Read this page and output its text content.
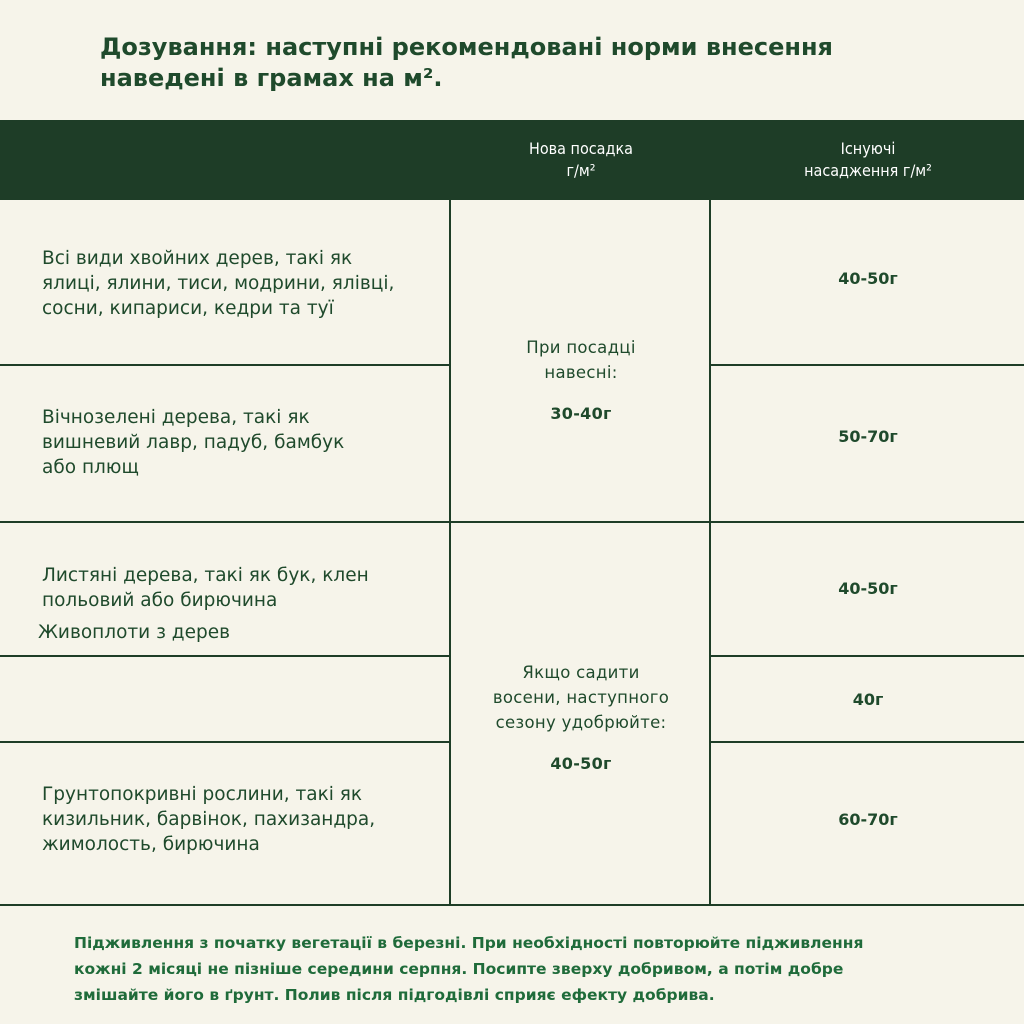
Дозування: наступні рекомендовані норми внесення
наведені в грамах на м².
Нова посадка
г/м²
Існуючі
насадження г/м²
Всі види хвойних дерев, такі як
ялиці, ялини, тиси, модрини, ялівці,
сосни, кипариси, кедри та туї
40-50г
Вічнозелені дерева, такі як
вишневий лавр, падуб, бамбук
або плющ
50-70г
При посадці
навесні:
30-40г
Листяні дерева, такі як бук, клен
польовий або бирючина
Живоплоти з дерев
40-50г
40г
Грунтопокривні рослини, такі як
кизильник, барвінок, пахизандра,
жимолость, бирючина
60-70г
Якщо садити
восени, наступного
сезону удобрюйте:
40-50г
Підживлення з початку вегетації в березні. При необхідності повторюйте підживлення
кожні 2 місяці не пізніше середини серпня. Посипте зверху добривом, а потім добре
змішайте його в ґрунт. Полив після підгодівлі сприяє ефекту добрива.
